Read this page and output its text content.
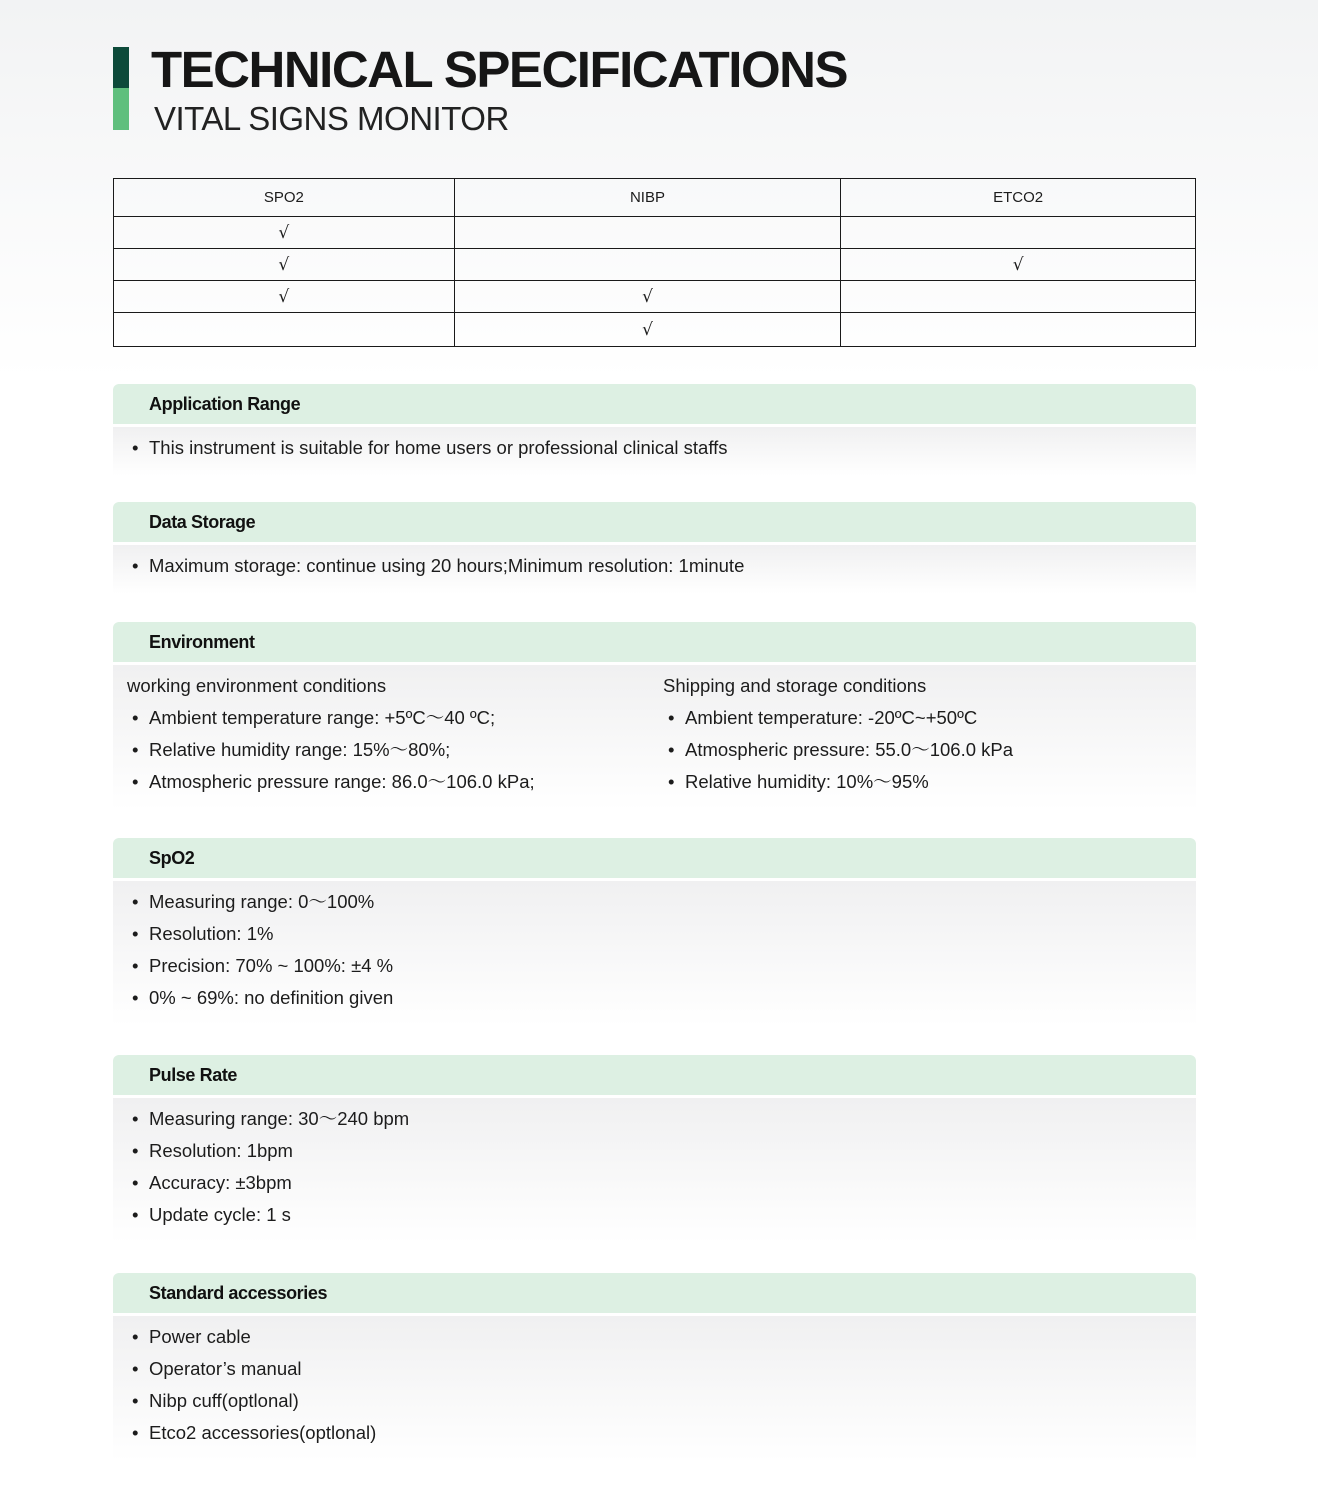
TECHNICAL SPECIFICATIONS
VITAL SIGNS MONITOR
SPO2	NIBP	ETCO2
√		
√		√
√	√	
	√	
Application Range
• This instrument is suitable for home users or professional clinical staffs
Data Storage
• Maximum storage: continue using 20 hours;Minimum resolution: 1minute
Environment
working environment conditions
• Ambient temperature range: +5ºC～40 ºC;
• Relative humidity range: 15%～80%;
• Atmospheric pressure range: 86.0～106.0 kPa;
Shipping and storage conditions
• Ambient temperature: -20ºC~+50ºC
• Atmospheric pressure: 55.0～106.0 kPa
• Relative humidity: 10%～95%
SpO2
• Measuring range: 0～100%
• Resolution: 1%
• Precision: 70% ~ 100%: ±4 %
• 0% ~ 69%: no definition given
Pulse Rate
• Measuring range: 30～240 bpm
• Resolution: 1bpm
• Accuracy: ±3bpm
• Update cycle: 1 s
Standard accessories
• Power cable
• Operator’s manual
• Nibp cuff(optlonal)
• Etco2 accessories(optlonal)
